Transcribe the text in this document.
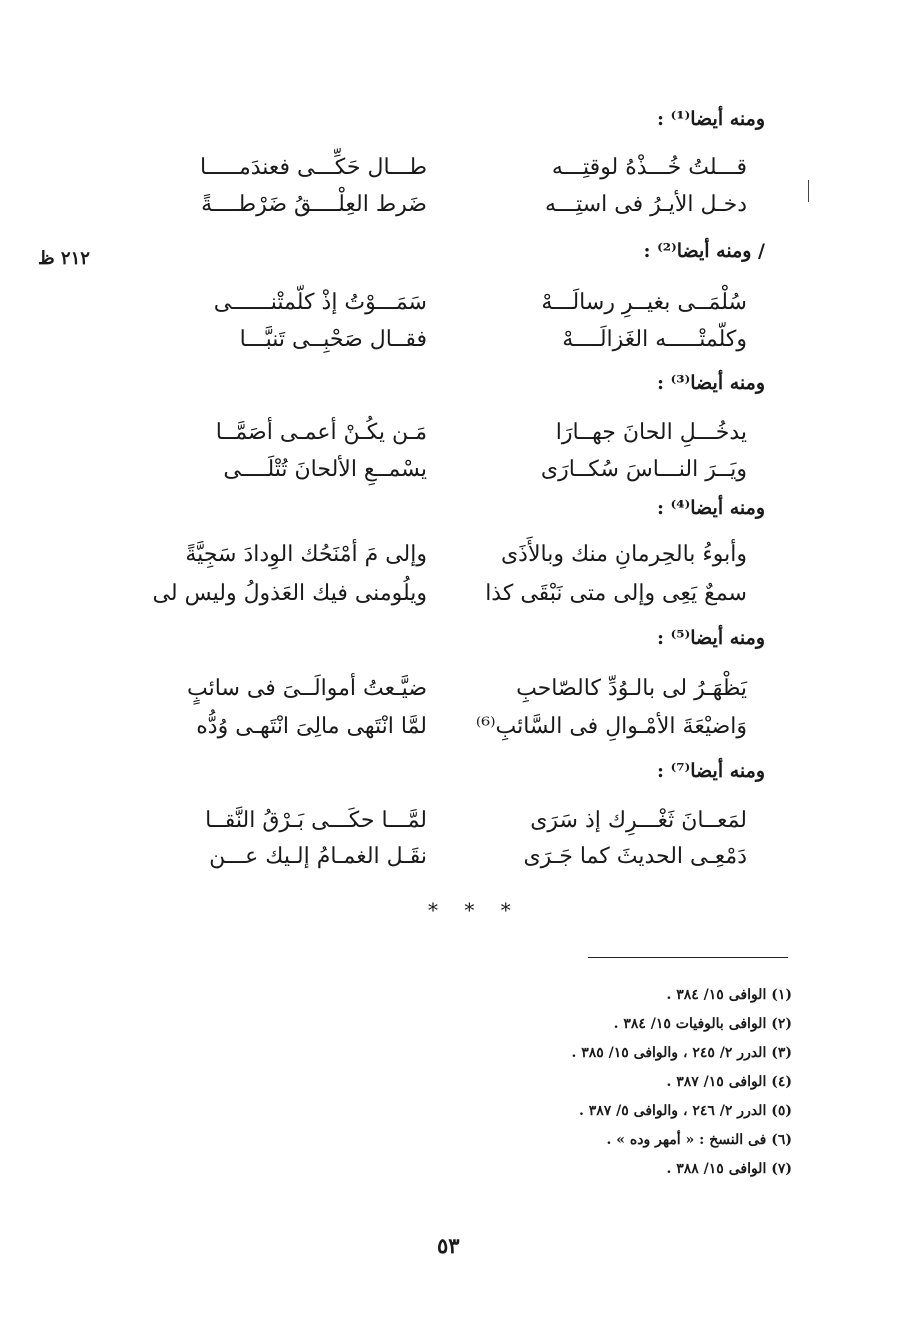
٢١٢ ظ
ومنه أيضا⁽¹⁾ :
طـــال حَكِّـــى فعندَمـــــا	قـــلتُ خُـــذْهُ لوقتِـــه
ضَرط العِلْــــقُ ضَرْطــــةً	دخـل الأيـرُ فى استِـــه
/ ومنه أيضا⁽²⁾ :
سَمَـــوْتُ إذْ كلّمتْنــــــى	سُلْمَــى بغيــرِ رسالَـــهْ
فقــال صَحْبِــى تَنبَّـــا	وكلّمتْـــــه الغَزالَــــهْ
ومنه أيضا⁽³⁾ :
مَـن يكُـنْ أعمـى أصَمَّــا	يدخُـــلِ الحانَ جهــارَا
يسْمــعِ الألحانَ تُتْلَــــى	ويَــرَ النـــاسَ سُكــارَى
ومنه أيضا⁽⁴⁾ :
وإلى مَ أمْنَحُك الوِدادَ سَجِيَّةً	وأبوءُ بالحِرمانِ منك وبالأَذَى
ويلُومنى فيك العَذولُ وليس لى	سمعٌ يَعِى وإلى متى نَبْقَى كذا
ومنه أيضا⁽⁵⁾ :
ضيَّـعتُ أموالَــىَ فى سائبٍ	يَظْهَـرُ لى بالـوُدِّ كالصّاحبِ
لمَّا انْتَهى مالِىَ انْتَهـى وُدُّه	وَاضيْعَةَ الأمْـوالِ فى السَّائبِ⁽⁶⁾
ومنه أيضا⁽⁷⁾ :
لمَّـــا حكَـــى بَـرْقُ النَّقــا	لمَعــانَ ثَغْـــرِك إذ سَرَى
نقَـل الغمـامُ إلـيك عـــن	دَمْعِـى الحديثَ كما جَـرَى
* * *
(١) الوافى ١٥/ ٣٨٤ .
(٢) الوافى بالوفيات ١٥/ ٣٨٤ .
(٣) الدرر ٢/ ٢٤٥ ، والوافى ١٥/ ٣٨٥ .
(٤) الوافى ١٥/ ٣٨٧ .
(٥) الدرر ٢/ ٢٤٦ ، والوافى ٥/ ٣٨٧ .
(٦) فى النسخ : « أمهر وده » .
(٧) الوافى ١٥/ ٣٨٨ .
٥٣
